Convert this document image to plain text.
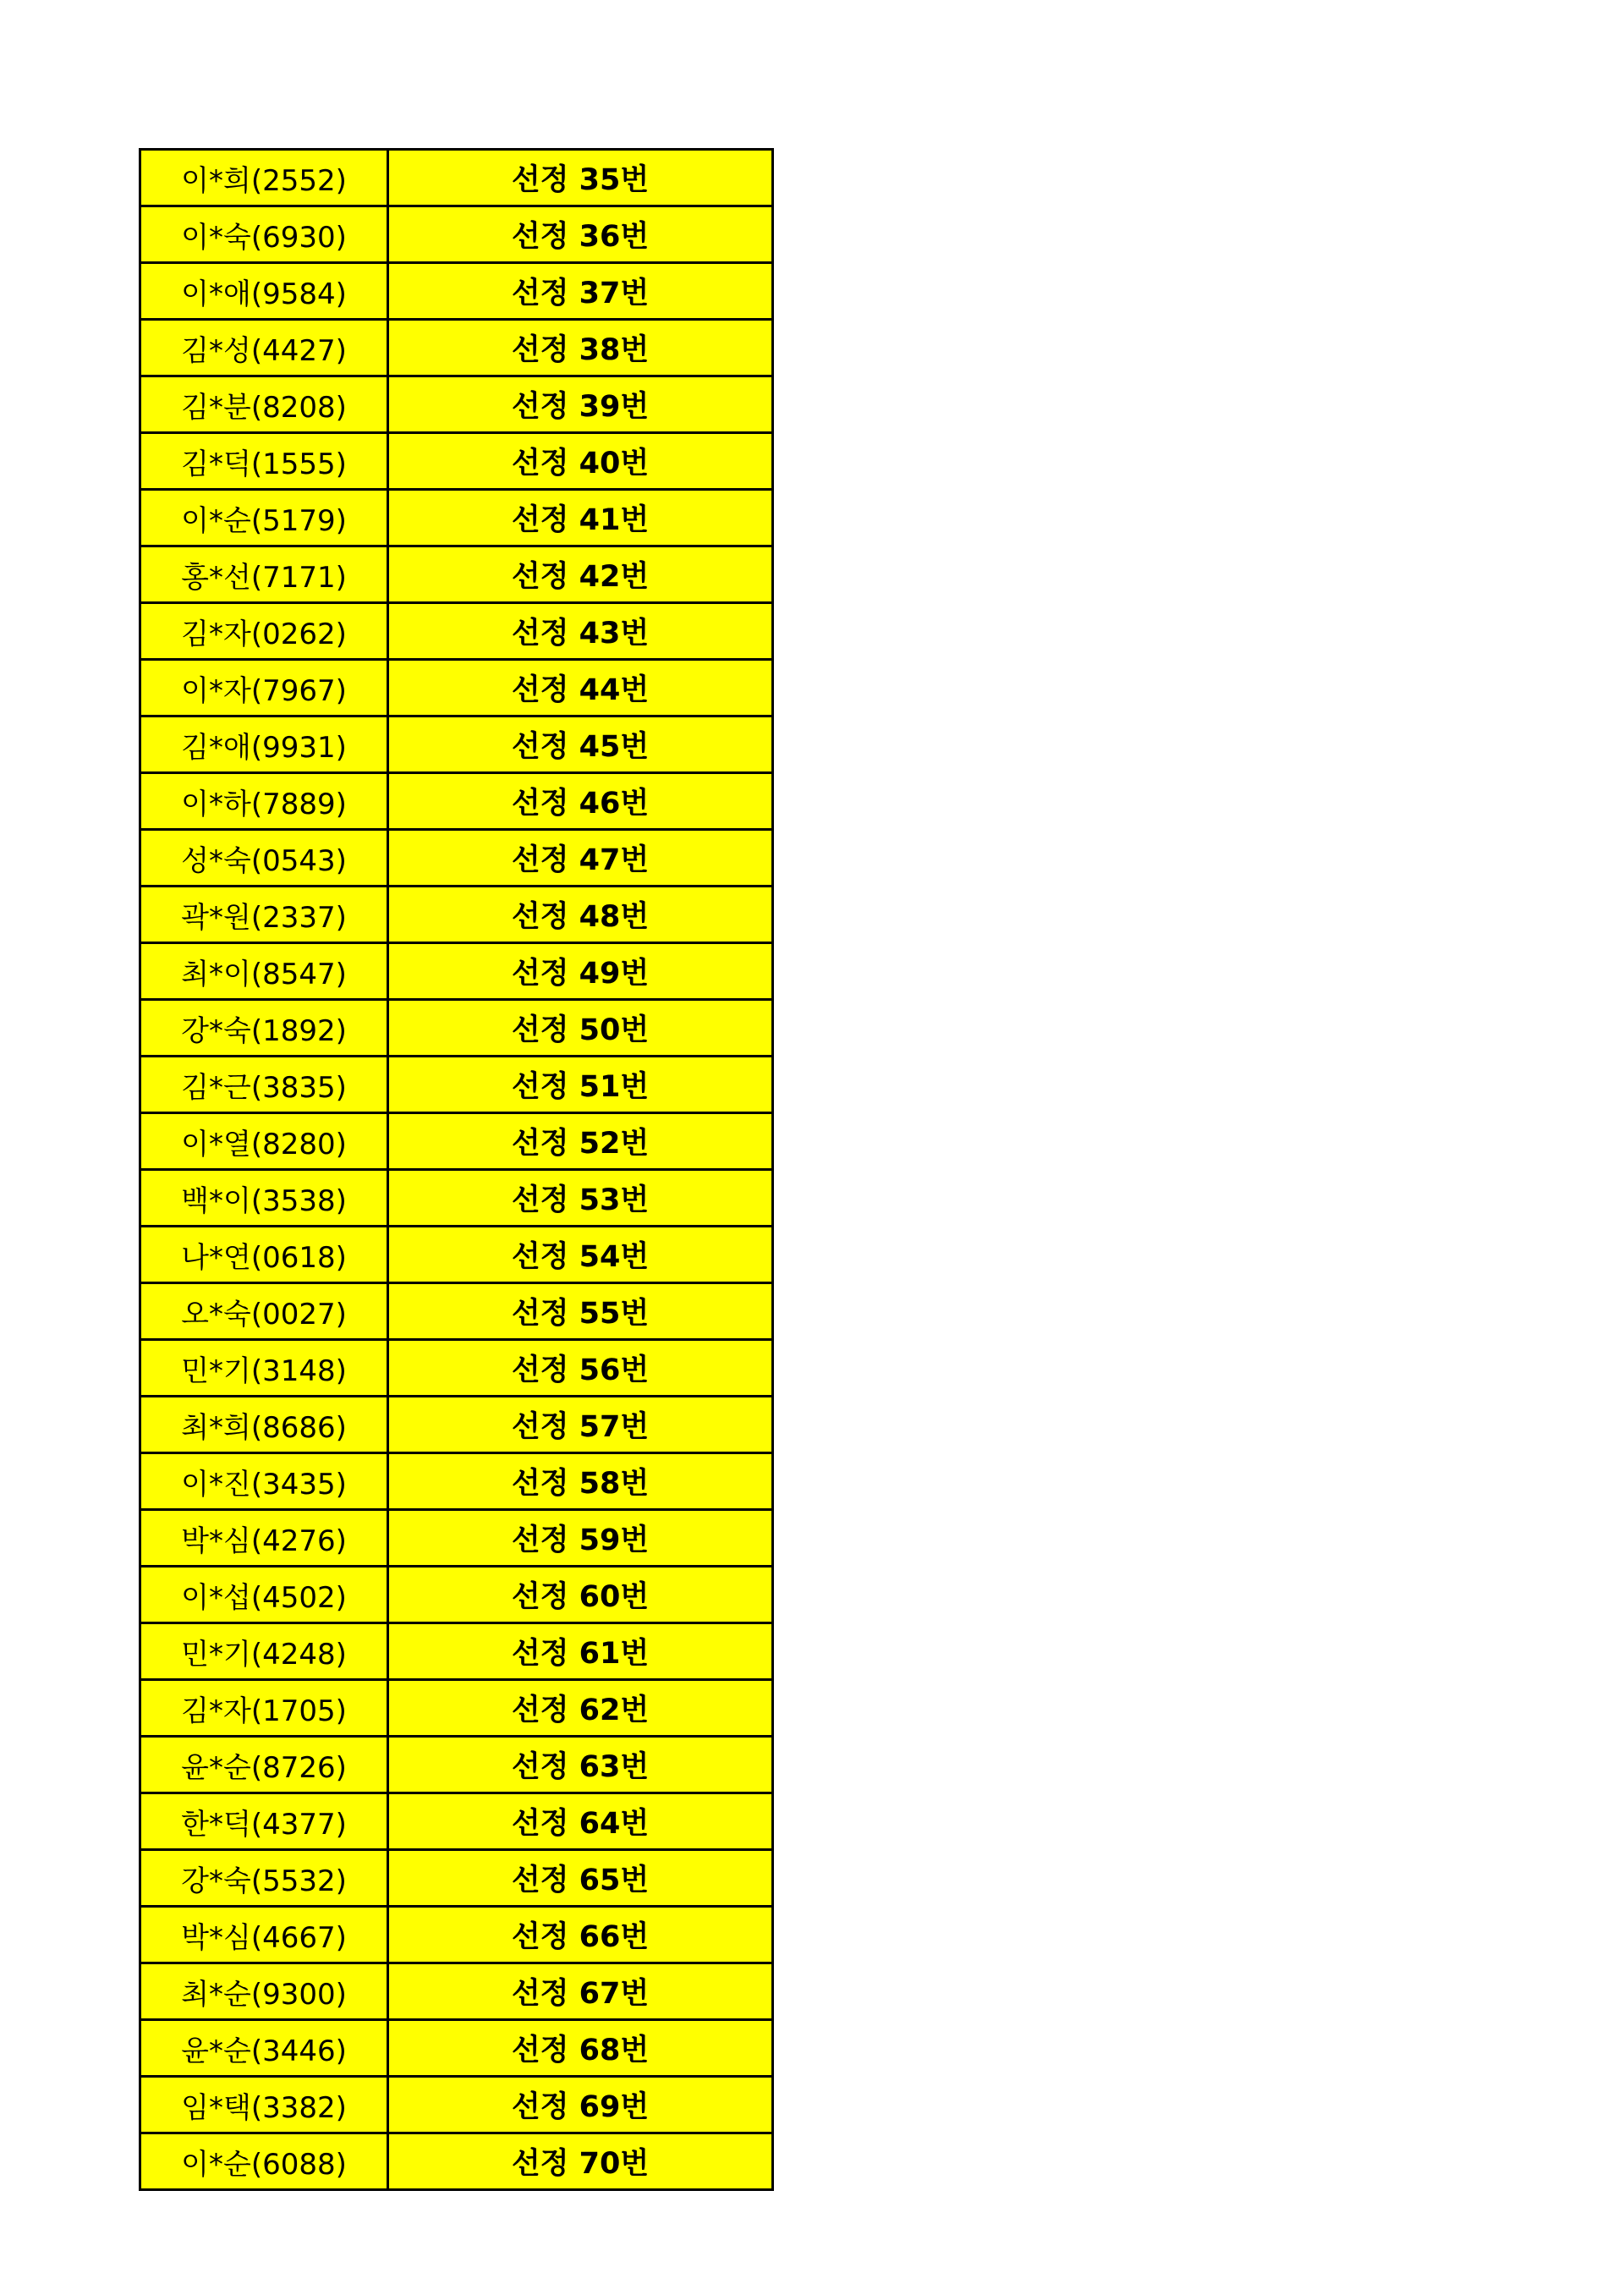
이*희(2552)	선정 35번
이*숙(6930)	선정 36번
이*애(9584)	선정 37번
김*성(4427)	선정 38번
김*분(8208)	선정 39번
김*덕(1555)	선정 40번
이*순(5179)	선정 41번
홍*선(7171)	선정 42번
김*자(0262)	선정 43번
이*자(7967)	선정 44번
김*애(9931)	선정 45번
이*하(7889)	선정 46번
성*숙(0543)	선정 47번
곽*원(2337)	선정 48번
최*이(8547)	선정 49번
강*숙(1892)	선정 50번
김*근(3835)	선정 51번
이*열(8280)	선정 52번
백*이(3538)	선정 53번
나*연(0618)	선정 54번
오*숙(0027)	선정 55번
민*기(3148)	선정 56번
최*희(8686)	선정 57번
이*진(3435)	선정 58번
박*심(4276)	선정 59번
이*섭(4502)	선정 60번
민*기(4248)	선정 61번
김*자(1705)	선정 62번
윤*순(8726)	선정 63번
한*덕(4377)	선정 64번
강*숙(5532)	선정 65번
박*심(4667)	선정 66번
최*순(9300)	선정 67번
윤*순(3446)	선정 68번
임*택(3382)	선정 69번
이*순(6088)	선정 70번
